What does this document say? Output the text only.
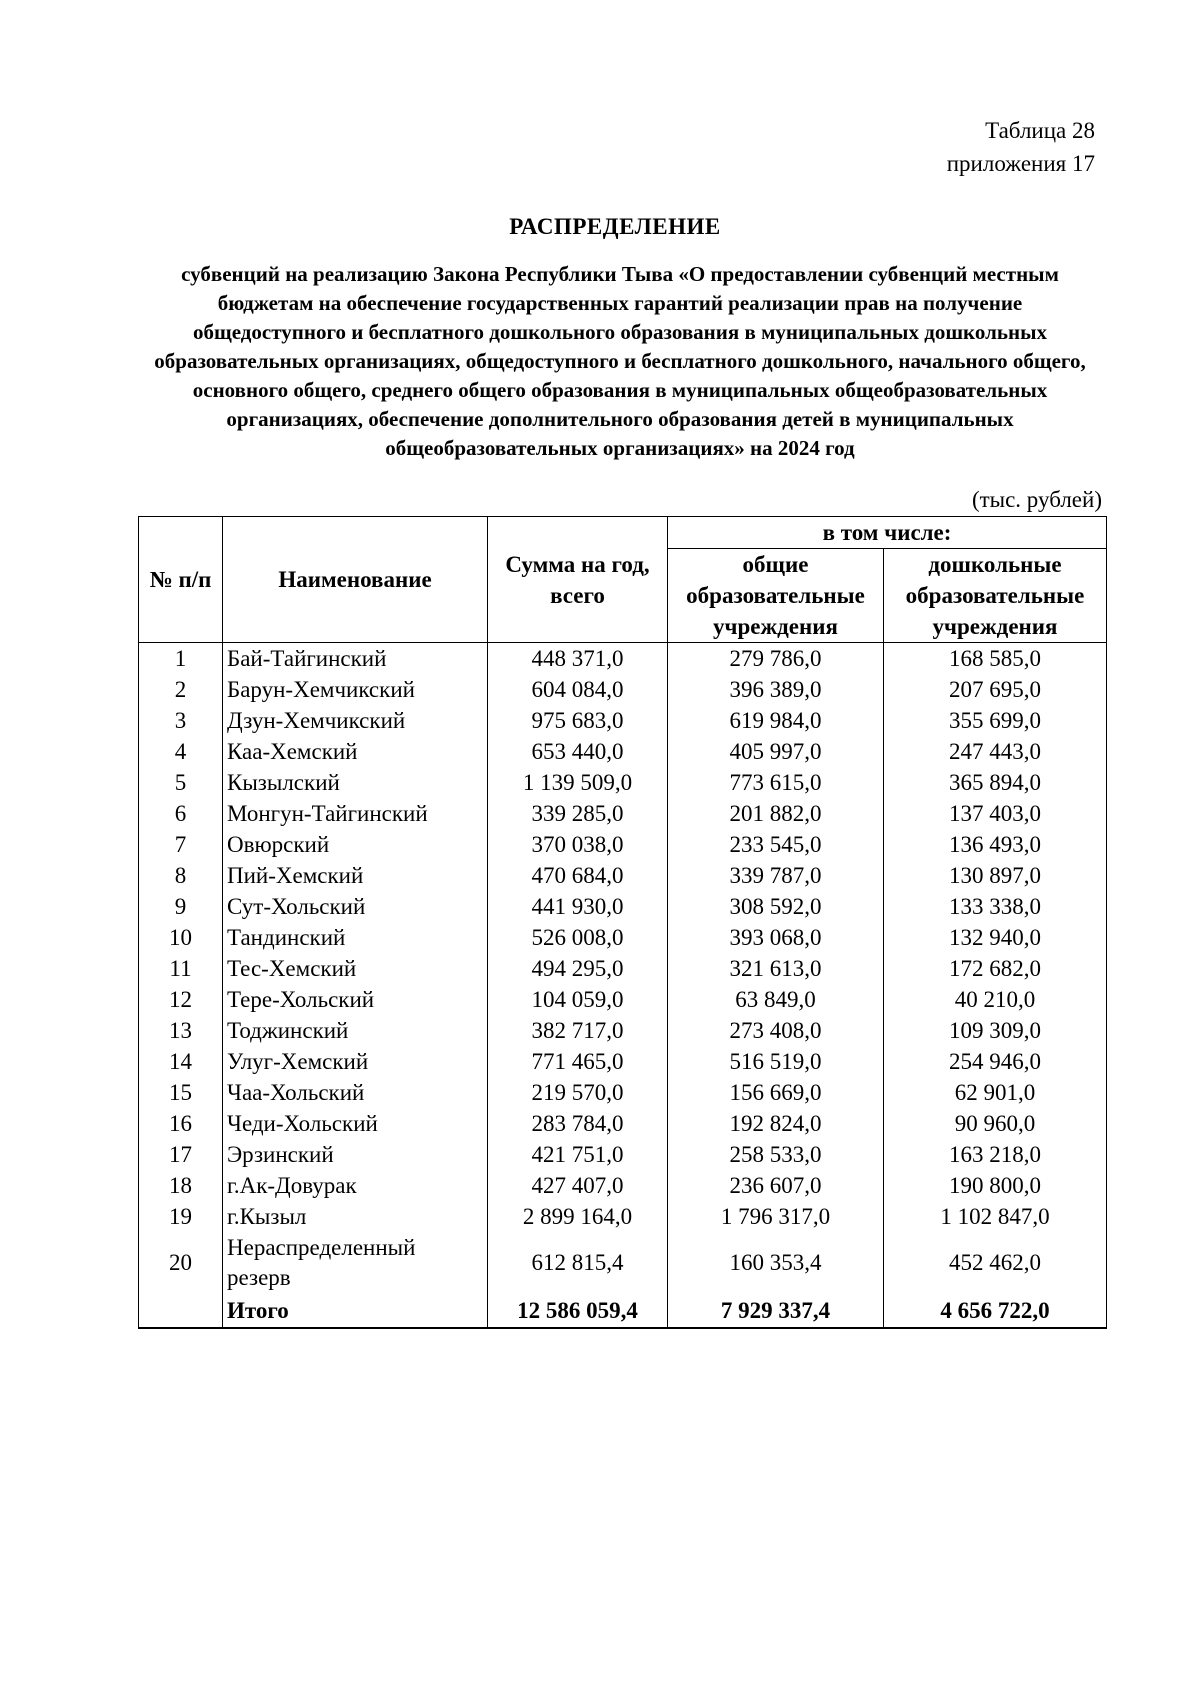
Таблица 28
приложения 17
РАСПРЕДЕЛЕНИЕ
субвенций на реализацию Закона Республики Тыва «О предоставлении субвенций местным бюджетам на обеспечение государственных гарантий реализации прав на получение общедоступного и бесплатного дошкольного образования в муниципальных дошкольных образовательных организациях, общедоступного и бесплатного дошкольного, начального общего, основного общего, среднего общего образования в муниципальных общеобразовательных организациях, обеспечение дополнительного образования детей в муниципальных общеобразовательных организациях» на 2024 год
(тыс. рублей)
№ п/п	Наименование	Сумма на год, всего	в том числе:	
			общие образовательные учреждения	дошкольные образовательные учреждения
1	Бай-Тайгинский	448 371,0	279 786,0	168 585,0
2	Барун-Хемчикский	604 084,0	396 389,0	207 695,0
3	Дзун-Хемчикский	975 683,0	619 984,0	355 699,0
4	Каа-Хемский	653 440,0	405 997,0	247 443,0
5	Кызылский	1 139 509,0	773 615,0	365 894,0
6	Монгун-Тайгинский	339 285,0	201 882,0	137 403,0
7	Овюрский	370 038,0	233 545,0	136 493,0
8	Пий-Хемский	470 684,0	339 787,0	130 897,0
9	Сут-Хольский	441 930,0	308 592,0	133 338,0
10	Тандинский	526 008,0	393 068,0	132 940,0
11	Тес-Хемский	494 295,0	321 613,0	172 682,0
12	Тере-Хольский	104 059,0	63 849,0	40 210,0
13	Тоджинский	382 717,0	273 408,0	109 309,0
14	Улуг-Хемский	771 465,0	516 519,0	254 946,0
15	Чаа-Хольский	219 570,0	156 669,0	62 901,0
16	Чеди-Хольский	283 784,0	192 824,0	90 960,0
17	Эрзинский	421 751,0	258 533,0	163 218,0
18	г.Ак-Довурак	427 407,0	236 607,0	190 800,0
19	г.Кызыл	2 899 164,0	1 796 317,0	1 102 847,0
20	Нераспределенный резерв	612 815,4	160 353,4	452 462,0
	Итого	12 586 059,4	7 929 337,4	4 656 722,0
